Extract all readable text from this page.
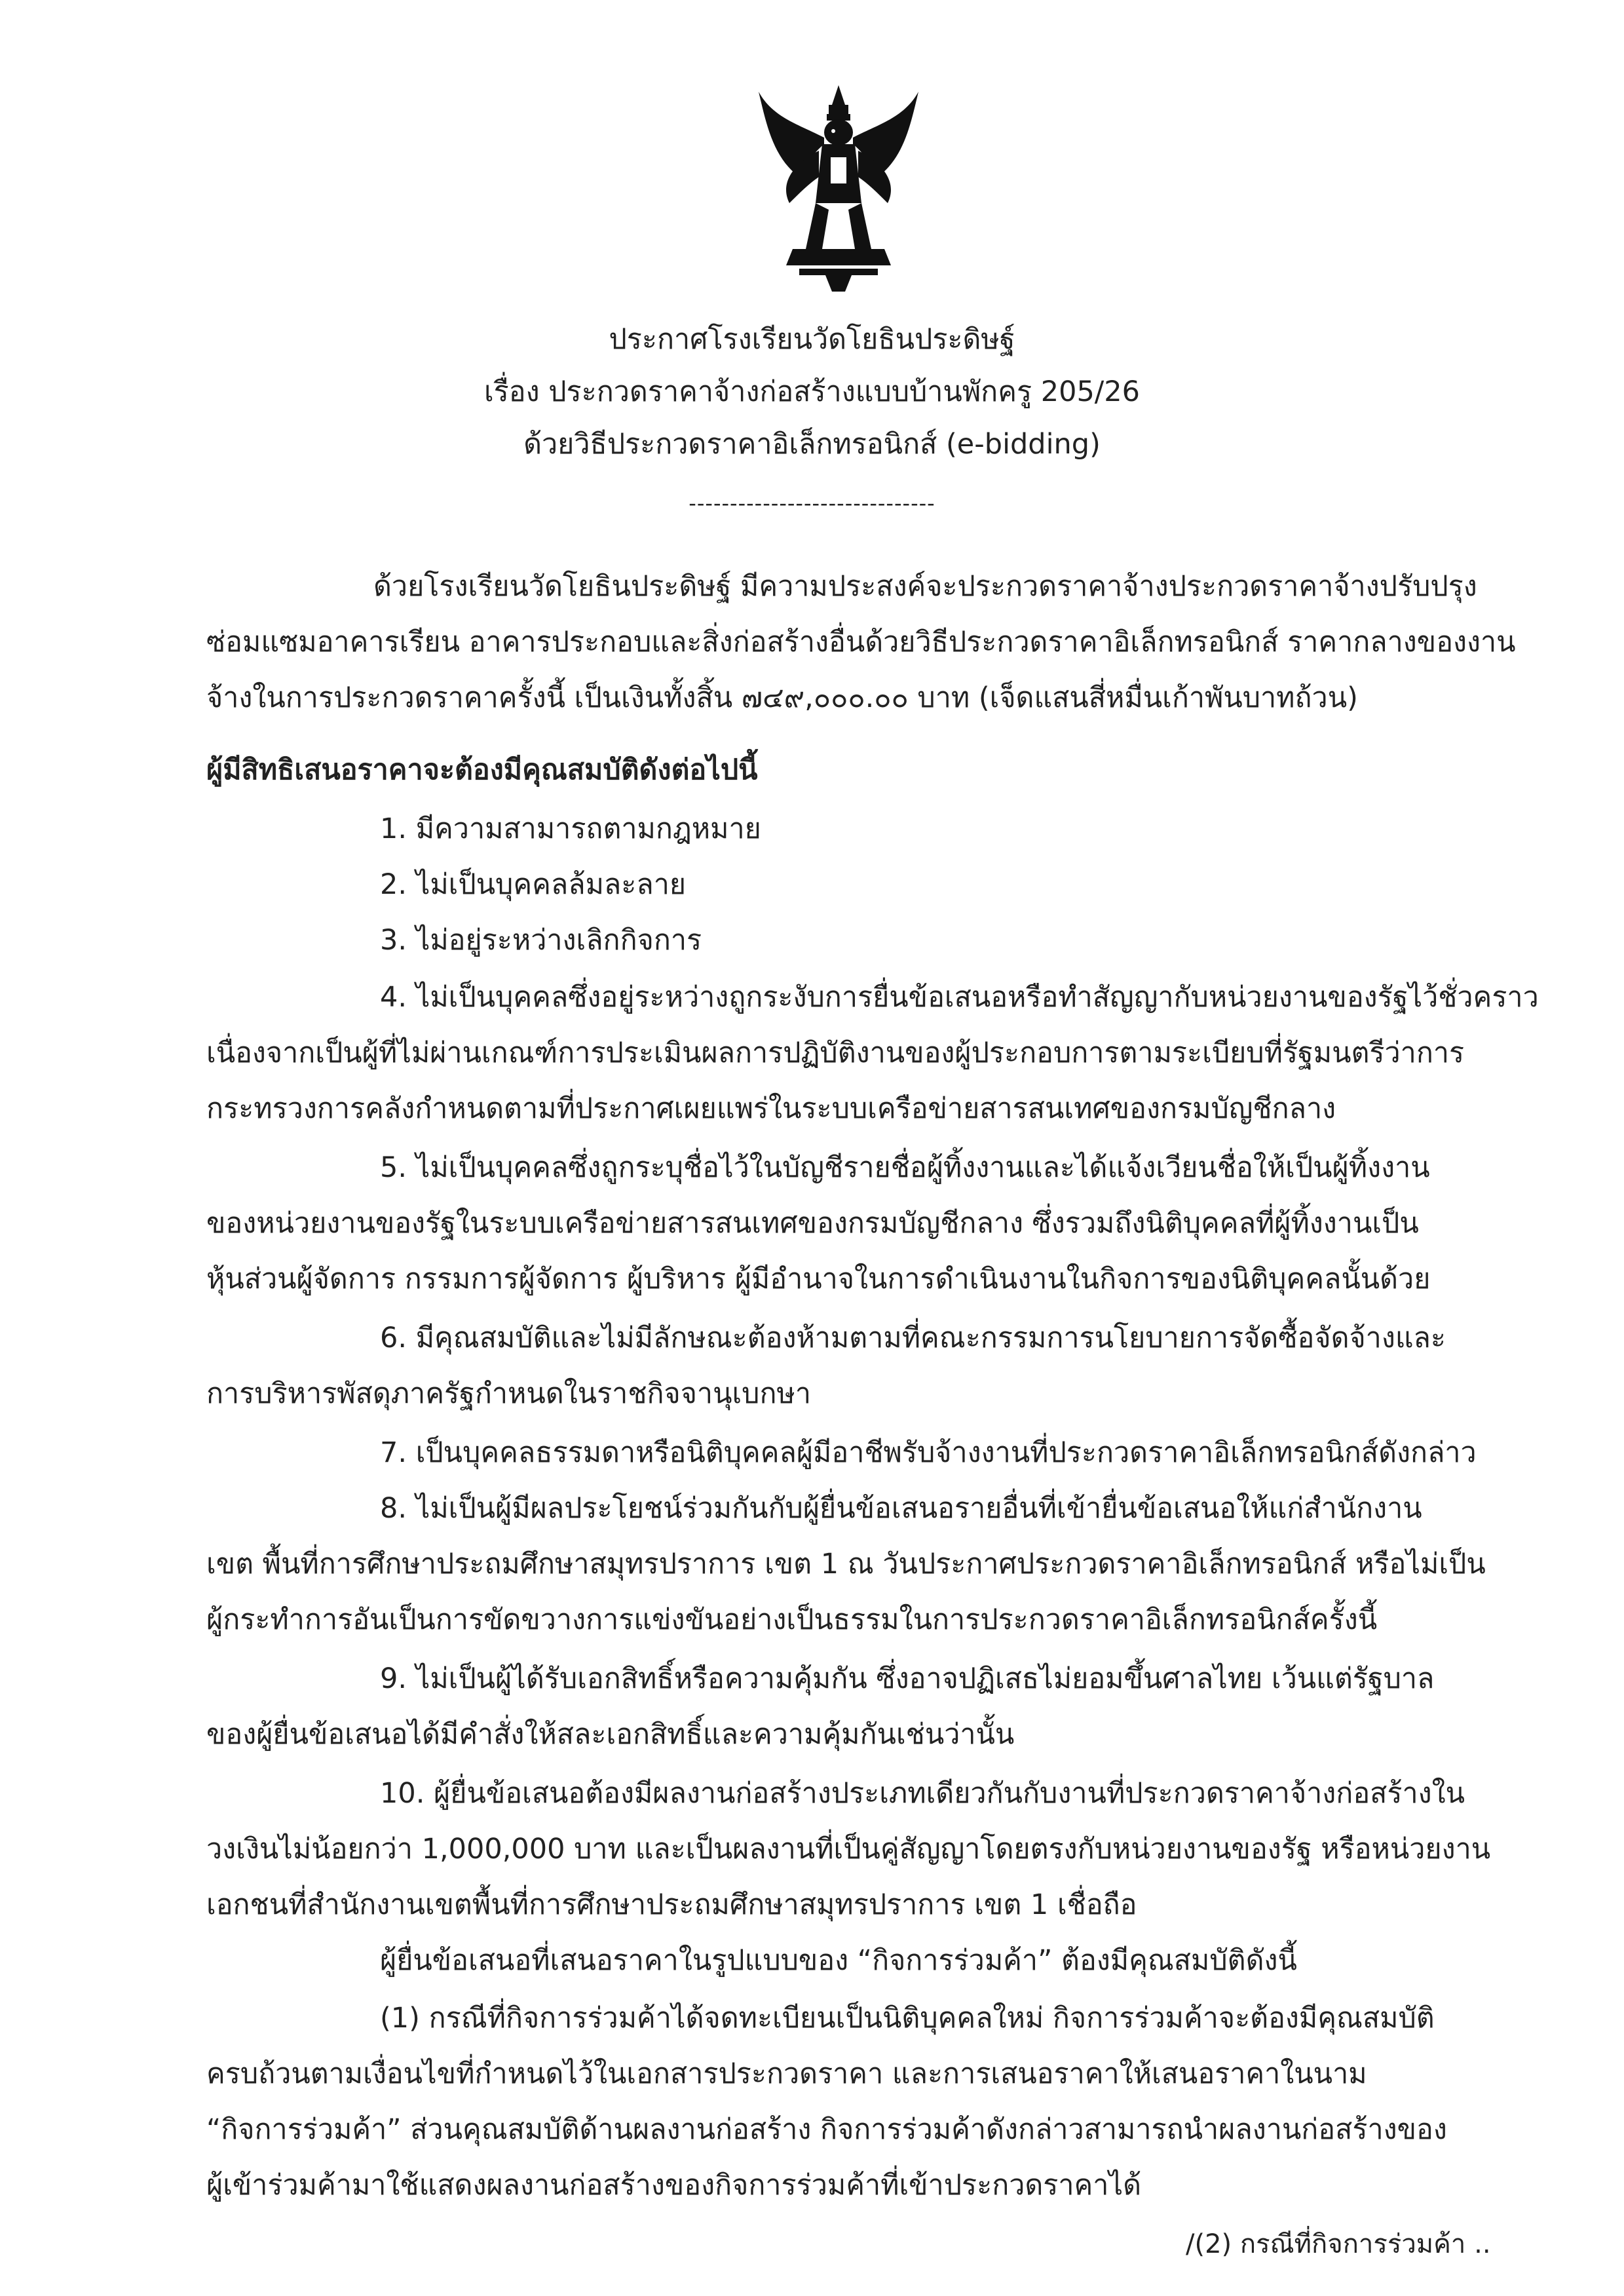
ประกาศโรงเรียนวัดโยธินประดิษฐ์
เรื่อง ประกวดราคาจ้างก่อสร้างแบบบ้านพักครู 205/26
ด้วยวิธีประกวดราคาอิเล็กทรอนิกส์ (e-bidding)
------------------------------
ด้วยโรงเรียนวัดโยธินประดิษฐ์ มีความประสงค์จะประกวดราคาจ้างประกวดราคาจ้างปรับปรุง
ซ่อมแซมอาคารเรียน อาคารประกอบและสิ่งก่อสร้างอื่นด้วยวิธีประกวดราคาอิเล็กทรอนิกส์ ราคากลางของงาน
จ้างในการประกวดราคาครั้งนี้ เป็นเงินทั้งสิ้น ๗๔๙,๐๐๐.๐๐ บาท (เจ็ดแสนสี่หมื่นเก้าพันบาทถ้วน)
ผู้มีสิทธิเสนอราคาจะต้องมีคุณสมบัติดังต่อไปนี้
1. มีความสามารถตามกฎหมาย
2. ไม่เป็นบุคคลล้มละลาย
3. ไม่อยู่ระหว่างเลิกกิจการ
4. ไม่เป็นบุคคลซึ่งอยู่ระหว่างถูกระงับการยื่นข้อเสนอหรือทำสัญญากับหน่วยงานของรัฐไว้ชั่วคราว
เนื่องจากเป็นผู้ที่ไม่ผ่านเกณฑ์การประเมินผลการปฏิบัติงานของผู้ประกอบการตามระเบียบที่รัฐมนตรีว่าการ
กระทรวงการคลังกำหนดตามที่ประกาศเผยแพร่ในระบบเครือข่ายสารสนเทศของกรมบัญชีกลาง
5. ไม่เป็นบุคคลซึ่งถูกระบุชื่อไว้ในบัญชีรายชื่อผู้ทิ้งงานและได้แจ้งเวียนชื่อให้เป็นผู้ทิ้งงาน
ของหน่วยงานของรัฐในระบบเครือข่ายสารสนเทศของกรมบัญชีกลาง ซึ่งรวมถึงนิติบุคคลที่ผู้ทิ้งงานเป็น
หุ้นส่วนผู้จัดการ กรรมการผู้จัดการ ผู้บริหาร ผู้มีอำนาจในการดำเนินงานในกิจการของนิติบุคคลนั้นด้วย
6. มีคุณสมบัติและไม่มีลักษณะต้องห้ามตามที่คณะกรรมการนโยบายการจัดซื้อจัดจ้างและ
การบริหารพัสดุภาครัฐกำหนดในราชกิจจานุเบกษา
7. เป็นบุคคลธรรมดาหรือนิติบุคคลผู้มีอาชีพรับจ้างงานที่ประกวดราคาอิเล็กทรอนิกส์ดังกล่าว
8. ไม่เป็นผู้มีผลประโยชน์ร่วมกันกับผู้ยื่นข้อเสนอรายอื่นที่เข้ายื่นข้อเสนอให้แก่สำนักงาน
เขต พื้นที่การศึกษาประถมศึกษาสมุทรปราการ เขต 1 ณ วันประกาศประกวดราคาอิเล็กทรอนิกส์ หรือไม่เป็น
ผู้กระทำการอันเป็นการขัดขวางการแข่งขันอย่างเป็นธรรมในการประกวดราคาอิเล็กทรอนิกส์ครั้งนี้
9. ไม่เป็นผู้ได้รับเอกสิทธิ์หรือความคุ้มกัน ซึ่งอาจปฏิเสธไม่ยอมขึ้นศาลไทย เว้นแต่รัฐบาล
ของผู้ยื่นข้อเสนอได้มีคำสั่งให้สละเอกสิทธิ์และความคุ้มกันเช่นว่านั้น
10. ผู้ยื่นข้อเสนอต้องมีผลงานก่อสร้างประเภทเดียวกันกับงานที่ประกวดราคาจ้างก่อสร้างใน
วงเงินไม่น้อยกว่า 1,000,000 บาท และเป็นผลงานที่เป็นคู่สัญญาโดยตรงกับหน่วยงานของรัฐ หรือหน่วยงาน
เอกชนที่สำนักงานเขตพื้นที่การศึกษาประถมศึกษาสมุทรปราการ เขต 1 เชื่อถือ
ผู้ยื่นข้อเสนอที่เสนอราคาในรูปแบบของ “กิจการร่วมค้า” ต้องมีคุณสมบัติดังนี้
(1) กรณีที่กิจการร่วมค้าได้จดทะเบียนเป็นนิติบุคคลใหม่ กิจการร่วมค้าจะต้องมีคุณสมบัติ
ครบถ้วนตามเงื่อนไขที่กำหนดไว้ในเอกสารประกวดราคา และการเสนอราคาให้เสนอราคาในนาม
“กิจการร่วมค้า” ส่วนคุณสมบัติด้านผลงานก่อสร้าง กิจการร่วมค้าดังกล่าวสามารถนำผลงานก่อสร้างของ
ผู้เข้าร่วมค้ามาใช้แสดงผลงานก่อสร้างของกิจการร่วมค้าที่เข้าประกวดราคาได้
/(2) กรณีที่กิจการร่วมค้า ..
